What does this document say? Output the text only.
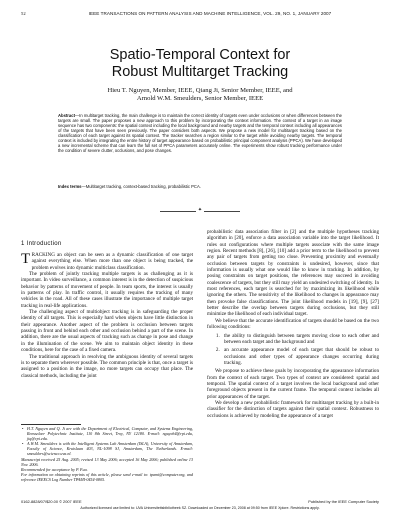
52	IEEE TRANSACTIONS ON PATTERN ANALYSIS AND MACHINE INTELLIGENCE, VOL. 29, NO. 1, JANUARY 2007
Spatio-Temporal Context for
Robust Multitarget Tracking
Hieu T. Nguyen, Member, IEEE, Qiang Ji, Senior Member, IEEE, and
Arnold W.M. Smeulders, Senior Member, IEEE
Abstract—In multitarget tracking, the main challenge is to maintain the correct identity of targets even under occlusions or when differences between the targets are small. The paper proposes a new approach to this problem by incorporating the context information. The context of a target in an image sequence has two components: the spatial context including the local background and nearby targets and the temporal context including all appearances of the targets that have been seen previously. The paper considers both aspects. We propose a new model for multitarget tracking based on the classification of each target against its spatial context. The tracker searches a region similar to the target while avoiding nearby targets. The temporal context is included by integrating the entire history of target appearance based on probabilistic principal component analysis (PPCA). We have developed a new incremental scheme that can learn the full set of PPCA parameters accurately online. The experiments show robust tracking performance under the condition of severe clutter, occlusions, and pose changes.
Index terms—Multitarget tracking, context-based tracking, probabilistic PCA.
✦
1 Introduction

TRACKING an object can be seen as a dynamic classification of one target against everything else. When more than one object is being tracked, the problem evolves into dynamic multiclass classification.

The problem of jointly tracking multiple targets is as challenging as it is important. In video surveillance, a common interest is in the detection of suspicious behavior by patterns of movement of people. In team sports, the interest is usually in patterns of play. In traffic control, it usually requires the tracking of many vehicles in the road. All of these cases illustrate the importance of multiple target tracking in real-life applications.

The challenging aspect of multiobject tracking is in safeguarding the proper identity of all targets. This is especially hard when objects have little distinction in their appearance. Another aspect of the problem is occlusion between targets passing in front and behind each other and occlusion behind a part of the scene. In addition, there are the usual aspects of tracking such as change in pose and change in the illumination of the scene. We aim to maintain object identity in these conditions, here for the case of a fixed camera.

The traditional approach in resolving the ambiguous identity of several targets is to separate them wherever possible. The common principle is that, once a target is assigned to a position in the image, no more targets can occupy that place. The classical methods, including the joint

• H.T. Nguyen and Q. Ji are with the Department of Electrical, Computer, and Systems Engineering, Rensselaer Polytechnic Institute, 110 8th Street, Troy, NY 12180. E-mail: nguyeh4@rpi.edu, jiq@rpi.edu.
• A.W.M. Smeulders is with the Intelligent Systems Lab Amsterdam (ISLA), University of Amsterdam, Faculty of Science, Kruislaan 403, NL-1098 SJ, Amsterdam, The Netherlands. E-mail: smeulders@science.uva.nl.
Manuscript received 25 Aug. 2005; revised 13 May 2006; accepted 16 May 2006; published online 13 Nov. 2006.
Recommended for acceptance by P. Fua.
For information on obtaining reprints of this article, please send e-mail to: tpami@computer.org, and reference IEEECS Log Number TPAMI-0454-0805.

probabilistic data association filter in [2] and the multiple hypotheses tracking algorithm in [20], enforce a data association variable into the target likelihood. It rules out configurations where multiple targets associate with the same image region. Recent methods [8], [26], [10] add a prior term to the likelihood to prevent any pair of targets from getting too close. Preventing proximity and eventually occlusion between targets by constraints is undesired, however, since that information is usually what one would like to know in tracking. In addition, by posing constraints on target positions, the references may succeed in avoiding coalescence of targets, but they still may yield an undesired switching of identity. In most references, each target is searched for by maximizing its likelihood while ignoring the others. The sensitivity of the likelihood to changes in appearance may then provoke false classifications. The joint likelihood models in [19], [9], [27] better describe the overlap between targets during occlusions, but they still minimize the likelihood of each individual target.

We believe that the accurate identification of targets should be based on the two following conditions:

1. the ability to distinguish between targets moving close to each other and between each target and the background and
2. an accurate appearance model of each target that should be robust to occlusions and other types of appearance changes occurring during tracking.

We propose to achieve these goals by incorporating the appearance information from the context of each target. Two types of context are considered: spatial and temporal. The spatial context of a target involves the local background and other foreground objects present in the current frame. The temporal context includes all prior appearances of the target.

We develop a new probabilistic framework for multitarget tracking by a built-in classifier for the distinction of targets against their spatial context. Robustness to occlusions is achieved by modeling the appearance of a target

0162-8828/07/$20.00 © 2007 IEEE	Published by the IEEE Computer Society
Authorized licensed use limited to: UVA Universiteitsbibliotheek SZ. Downloaded on December 23, 2008 at 09:50 from IEEE Xplore. Restrictions apply.
